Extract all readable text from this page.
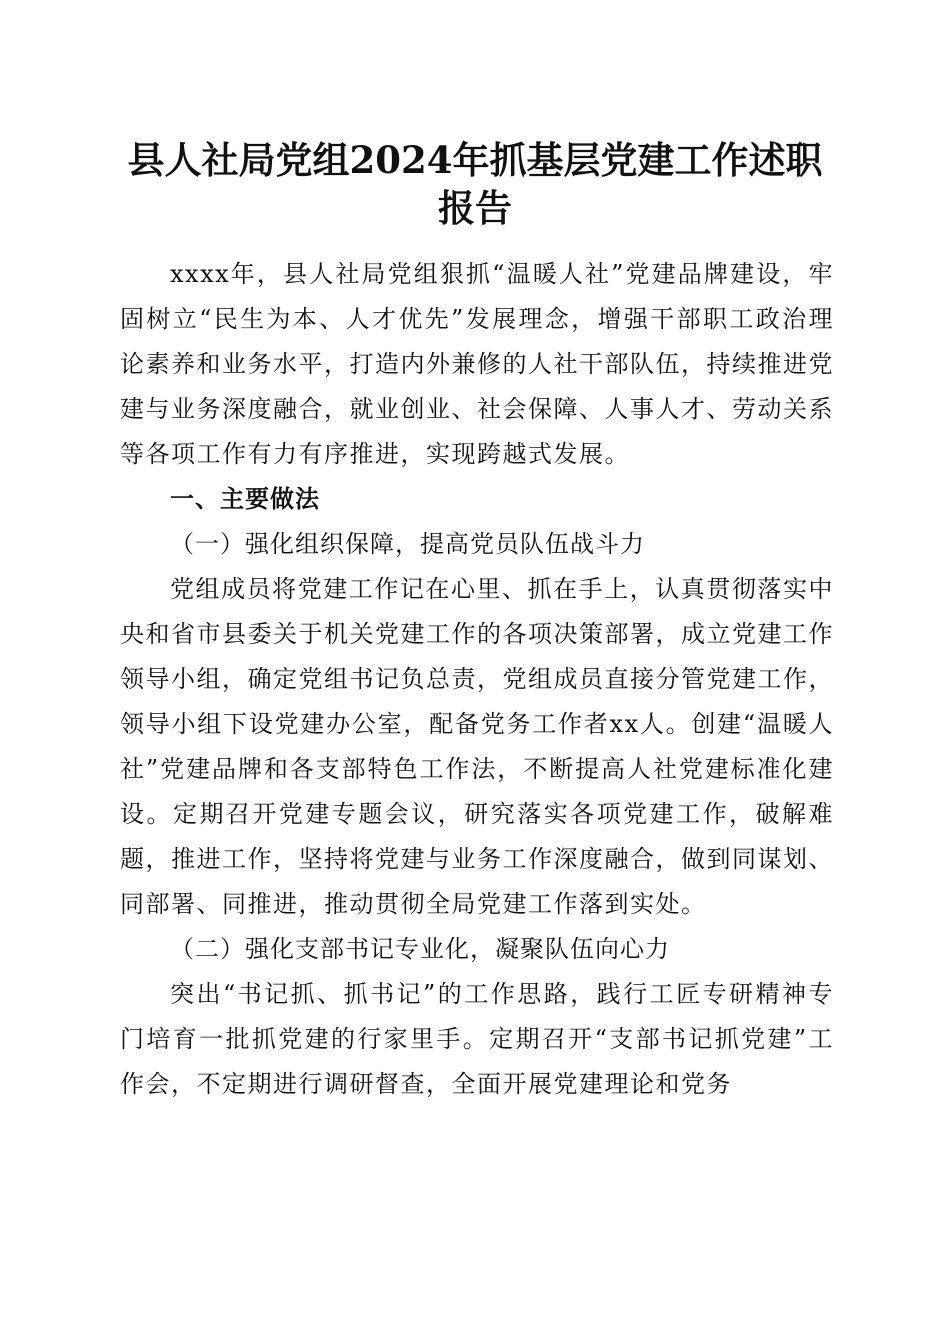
县人社局党组2024年抓基层党建工作述职报告

xxxx年，县人社局党组狠抓“温暖人社”党建品牌建设，牢固树立“民生为本、人才优先”发展理念，增强干部职工政治理论素养和业务水平，打造内外兼修的人社干部队伍，持续推进党建与业务深度融合，就业创业、社会保障、人事人才、劳动关系等各项工作有力有序推进，实现跨越式发展。

一、主要做法

（一）强化组织保障，提高党员队伍战斗力

党组成员将党建工作记在心里、抓在手上，认真贯彻落实中央和省市县委关于机关党建工作的各项决策部署，成立党建工作领导小组，确定党组书记负总责，党组成员直接分管党建工作，领导小组下设党建办公室，配备党务工作者xx人。创建“温暖人社”党建品牌和各支部特色工作法，不断提高人社党建标准化建设。定期召开党建专题会议，研究落实各项党建工作，破解难题，推进工作，坚持将党建与业务工作深度融合，做到同谋划、同部署、同推进，推动贯彻全局党建工作落到实处。

（二）强化支部书记专业化，凝聚队伍向心力

突出“书记抓、抓书记”的工作思路，践行工匠专研精神专门培育一批抓党建的行家里手。定期召开“支部书记抓党建”工作会，不定期进行调研督查，全面开展党建理论和党务
